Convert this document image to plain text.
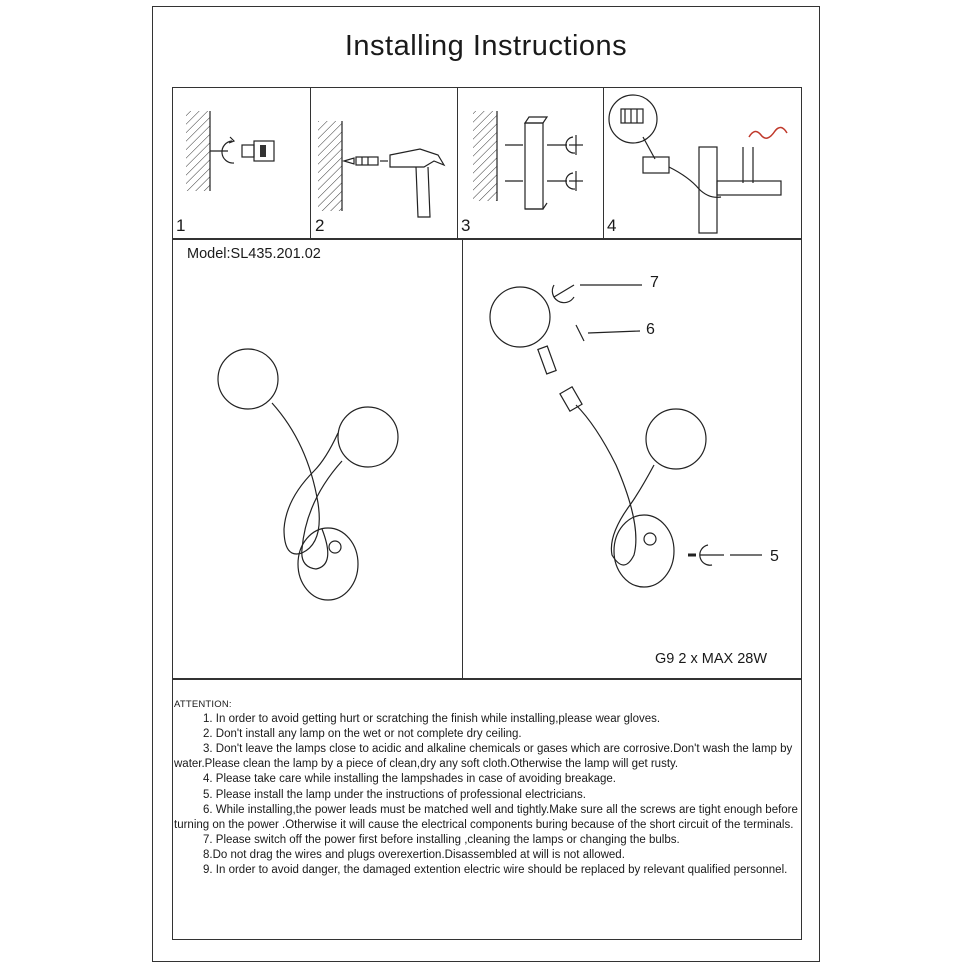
Installing Instructions
1	2	3	4
Model:SL435.201.02
G9 2 x MAX 28W
7
6
5
ATTENTION:
1. In order to avoid getting hurt or scratching the finish while installing,please wear gloves.
2. Don't install any lamp on the wet or not complete dry ceiling.
3. Don't leave the lamps close to acidic and alkaline chemicals or gases which are corrosive.Don't wash the lamp by water.Please clean the lamp by a piece of clean,dry any soft cloth.Otherwise the lamp will get rusty.
4. Please take care while installing the lampshades in case of avoiding breakage.
5. Please install the lamp under the instructions of professional electricians.
6. While installing,the power leads must be matched well and tightly.Make sure all the screws are tight enough before turning on the power .Otherwise it will cause the electrical components buring because of the short circuit of the terminals.
7. Please switch off the power first before installing ,cleaning the lamps or changing the bulbs.
8.Do not drag the wires and plugs overexertion.Disassembled at will is not allowed.
9. In order to avoid danger, the damaged extention electric wire should be replaced by relevant qualified personnel.
